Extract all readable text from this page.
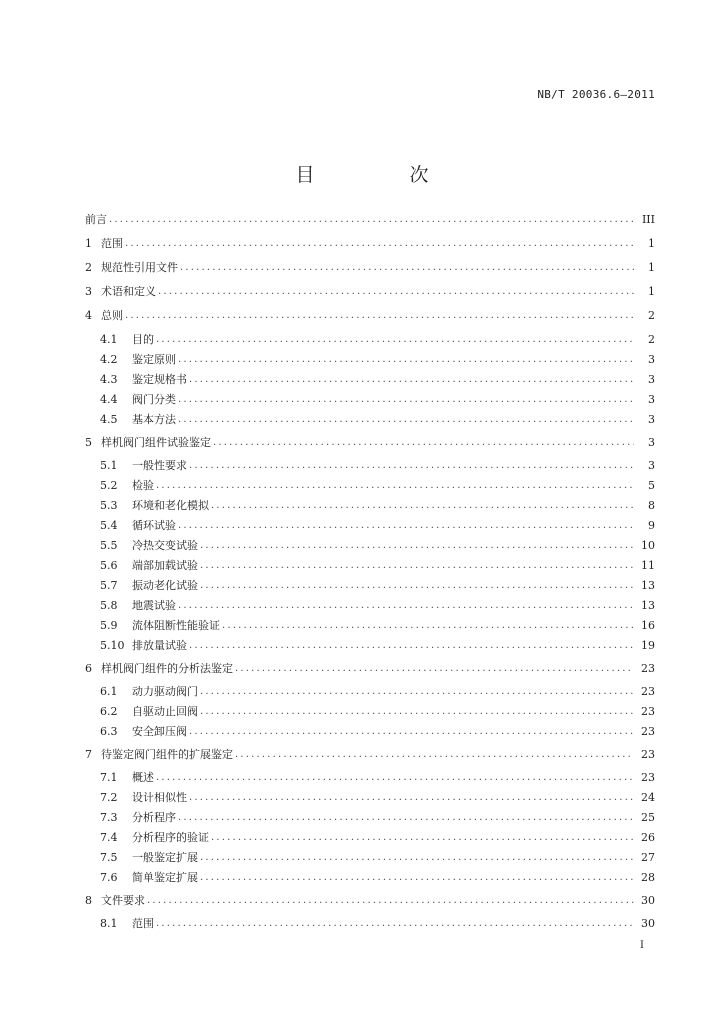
NB/T 20036.6—2011
目　次
前言 .....	III
1 范围 .....	1
2 规范性引用文件 .....	1
3 术语和定义 .....	1
4 总则 .....	2
4.1	目的 .....	2
4.2	鉴定原则 .....	3
4.3	鉴定规格书 .....	3
4.4	阀门分类 .....	3
4.5	基本方法 .....	3
5 样机阀门组件试验鉴定 .....	3
5.1	一般性要求 .....	3
5.2	检验 .....	5
5.3	环境和老化模拟 .....	8
5.4	循环试验 .....	9
5.5	冷热交变试验 .....	10
5.6	端部加载试验 .....	11
5.7	振动老化试验 .....	13
5.8	地震试验 .....	13
5.9	流体阻断性能验证 .....	16
5.10 排放量试验 .....	19
6 样机阀门组件的分析法鉴定 .....	23
6.1	动力驱动阀门 .....	23
6.2	自驱动止回阀 .....	23
6.3	安全卸压阀 .....	23
7 待鉴定阀门组件的扩展鉴定 .....	23
7.1	概述 .....	23
7.2	设计相似性 .....	24
7.3	分析程序 .....	25
7.4	分析程序的验证 .....	26
7.5	一般鉴定扩展 .....	27
7.6	简单鉴定扩展 .....	28
8 文件要求 .....	30
8.1	范围 .....	30
I
